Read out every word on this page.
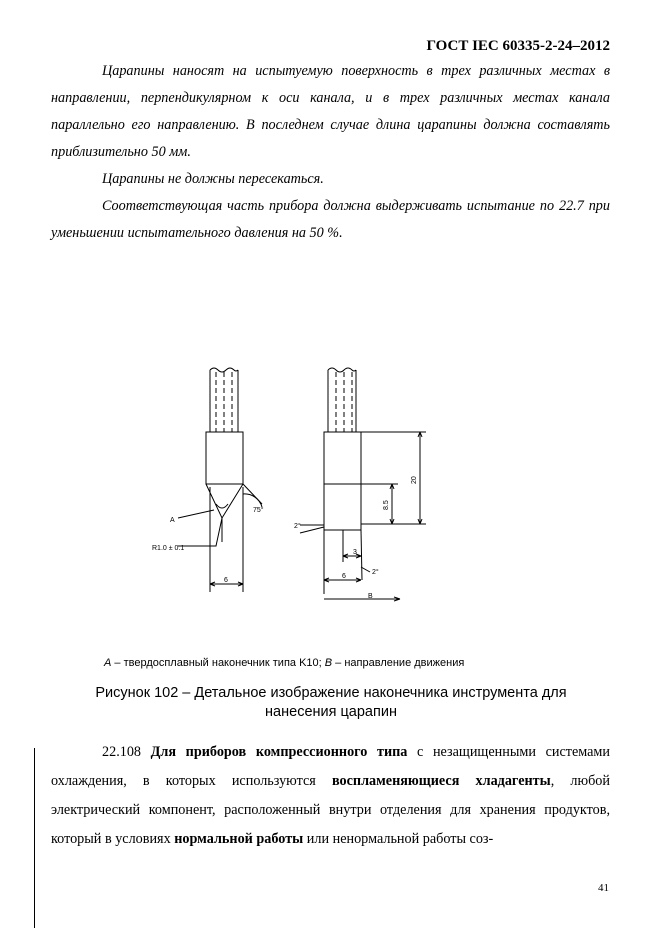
ГОСТ IEC 60335-2-24–2012
Царапины наносят на испытуемую поверхность в трех различных местах в направлении, перпендикулярном к оси канала, и в трех различных местах канала параллельно его направлению. В последнем случае длина царапины должна составлять приблизительно 50 мм.
Царапины не должны пересекаться.
Соответствующая часть прибора должна выдерживать испытание по 22.7 при уменьшении испытательного давления на 50 %.
A
75°
R1.0 ± 0.1
6
2°
3
6
2°
B
20
8.5
A – твердосплавный наконечник типа K10; B – направление движения
Рисунок 102 – Детальное изображение наконечника инструмента для нанесения царапин
22.108 Для приборов компрессионного типа с незащищенными системами охлаждения, в которых используются воспламеняющиеся хладагенты, любой электрический компонент, расположенный внутри отделения для хранения продуктов, который в условиях нормальной работы или ненормальной работы соз-
41
